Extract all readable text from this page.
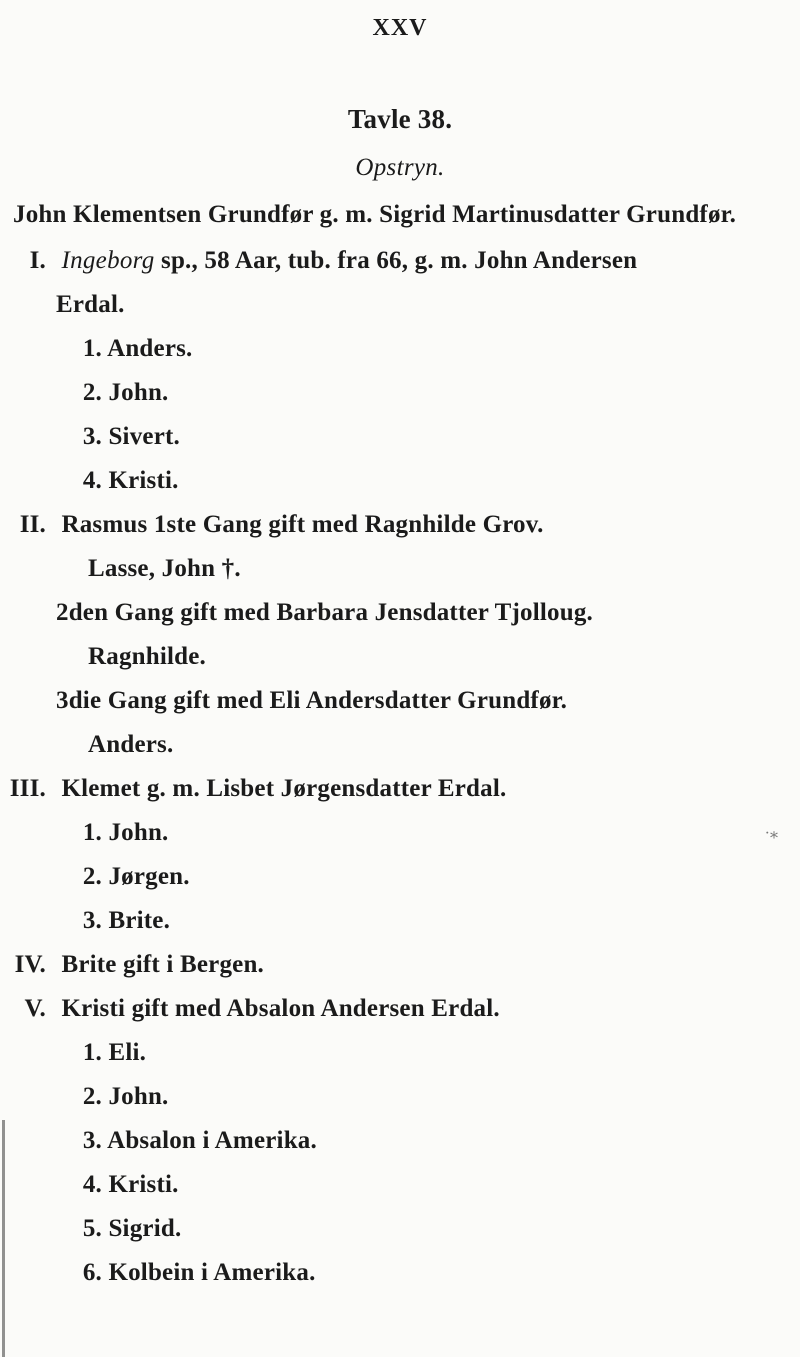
XXV
Tavle 38.
Opstryn.
John Klementsen Grundfør g. m. Sigrid Martinusdatter Grundfør.
I. Ingeborg sp., 58 Aar, tub. fra 66, g. m. John Andersen
Erdal.
1. Anders.
2. John.
3. Sivert.
4. Kristi.
II. Rasmus 1ste Gang gift med Ragnhilde Grov.
Lasse, John †.
2den Gang gift med Barbara Jensdatter Tjolloug.
Ragnhilde.
3die Gang gift med Eli Andersdatter Grundfør.
Anders.
III. Klemet g. m. Lisbet Jørgensdatter Erdal.
1. John.
2. Jørgen.
3. Brite.
IV. Brite gift i Bergen.
V. Kristi gift med Absalon Andersen Erdal.
1. Eli.
2. John.
3. Absalon i Amerika.
4. Kristi.
5. Sigrid.
6. Kolbein i Amerika.
·⁎
